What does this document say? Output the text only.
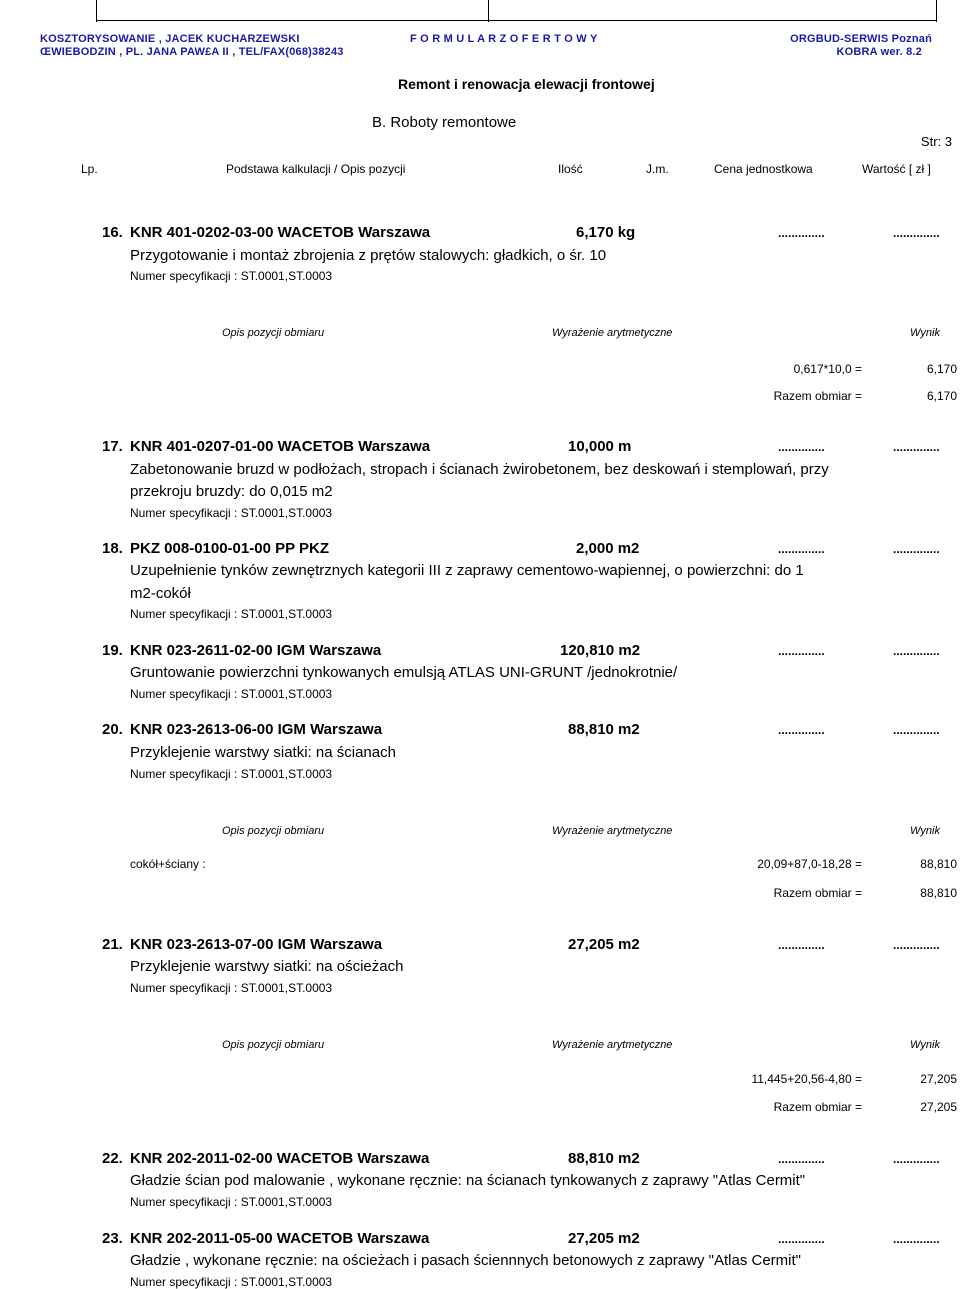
KOSZTORYSOWANIE , JACEK KUCHARZEWSKI
ŒWIEBODZIN , PL. JANA PAW£A II , TEL/FAX(068)38243
F O R M U L A R Z O F E R T O W Y	ORGBUD-SERWIS Poznań
KOBRA wer. 8.2
Remont i renowacja elewacji frontowej
B. Roboty remontowe
Str: 3
Lp.	Podstawa kalkulacji / Opis pozycji	Ilość	J.m.	Cena jednostkowa	Wartość [ zł ]
16. KNR 401-0202-03-00 WACETOB Warszawa	6,170 kg	..............	..............
Przygotowanie i montaż zbrojenia z prętów stalowych: gładkich, o śr. 10
Numer specyfikacji : ST.0001,ST.0003
Opis pozycji obmiaru	Wyrażenie arytmetyczne	Wynik
0,617*10,0 =	6,170
Razem obmiar =	6,170
17. KNR 401-0207-01-00 WACETOB Warszawa	10,000 m	..............	..............
Zabetonowanie bruzd w podłożach, stropach i ścianach żwirobetonem, bez deskowań i stemplowań, przy
przekroju bruzdy: do 0,015 m2
Numer specyfikacji : ST.0001,ST.0003
18. PKZ 008-0100-01-00 PP PKZ	2,000 m2	..............	..............
Uzupełnienie tynków zewnętrznych kategorii III z zaprawy cementowo-wapiennej, o powierzchni: do 1
m2-cokół
Numer specyfikacji : ST.0001,ST.0003
19. KNR 023-2611-02-00 IGM Warszawa	120,810 m2	..............	..............
Gruntowanie powierzchni tynkowanych emulsją ATLAS UNI-GRUNT /jednokrotnie/
Numer specyfikacji : ST.0001,ST.0003
20. KNR 023-2613-06-00 IGM Warszawa	88,810 m2	..............	..............
Przyklejenie warstwy siatki: na ścianach
Numer specyfikacji : ST.0001,ST.0003
Opis pozycji obmiaru	Wyrażenie arytmetyczne	Wynik
cokół+ściany :	20,09+87,0-18,28 =	88,810
Razem obmiar =	88,810
21. KNR 023-2613-07-00 IGM Warszawa	27,205 m2	..............	..............
Przyklejenie warstwy siatki: na ościeżach
Numer specyfikacji : ST.0001,ST.0003
Opis pozycji obmiaru	Wyrażenie arytmetyczne	Wynik
11,445+20,56-4,80 =	27,205
Razem obmiar =	27,205
22. KNR 202-2011-02-00 WACETOB Warszawa	88,810 m2	..............	..............
Gładzie ścian pod malowanie , wykonane ręcznie: na ścianach tynkowanych z zaprawy "Atlas Cermit"
Numer specyfikacji : ST.0001,ST.0003
23. KNR 202-2011-05-00 WACETOB Warszawa	27,205 m2	..............	..............
Gładzie , wykonane ręcznie: na ościeżach i pasach ściennnych betonowych z zaprawy "Atlas Cermit"
Numer specyfikacji : ST.0001,ST.0003
